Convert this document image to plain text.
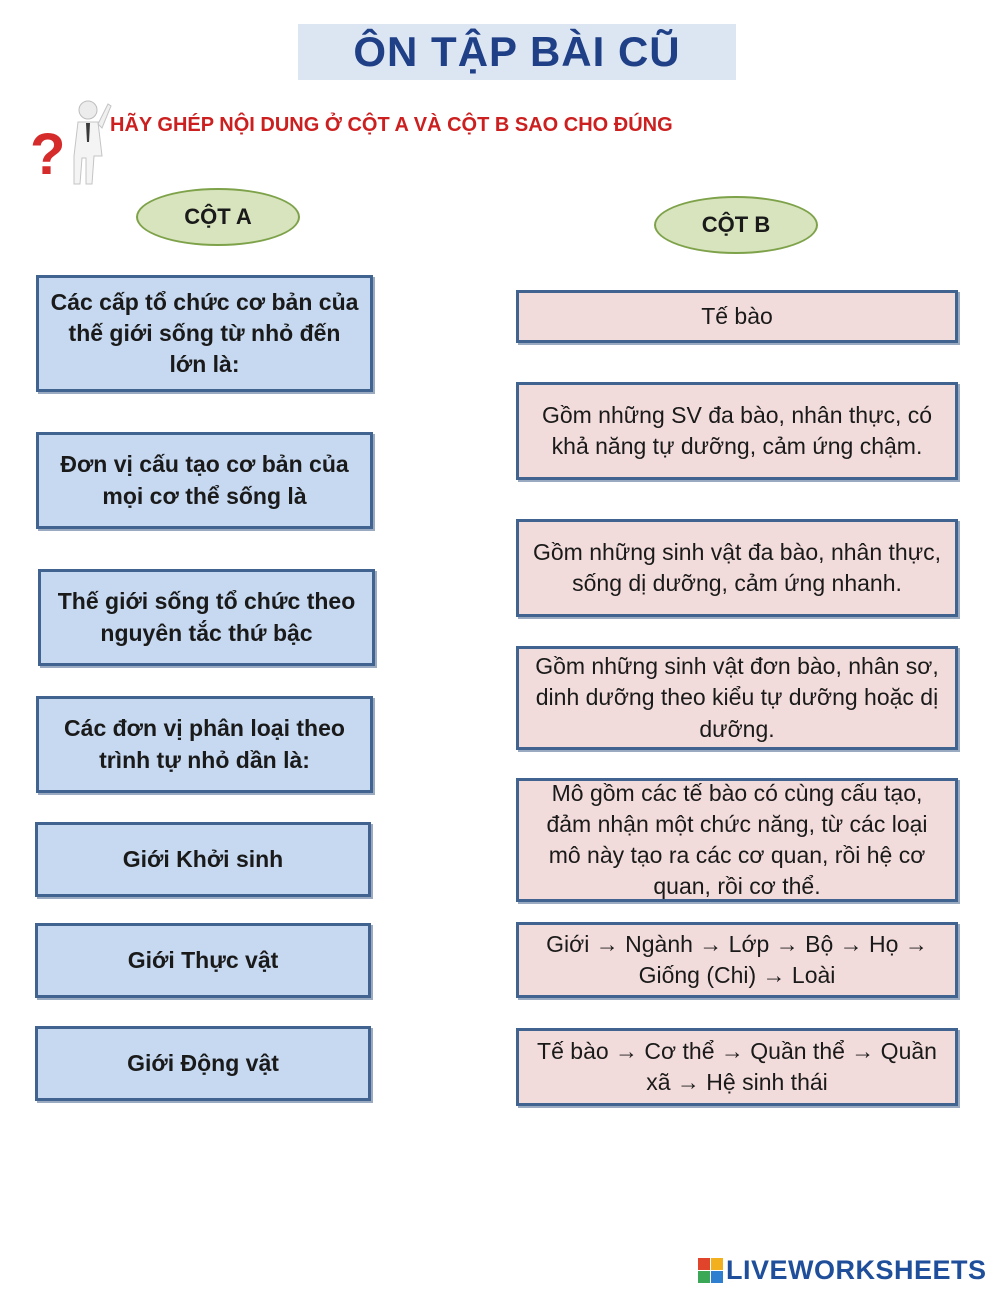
ÔN TẬP BÀI CŨ
? HÃY GHÉP NỘI DUNG Ở CỘT A VÀ CỘT B SAO CHO ĐÚNG
CỘT A	CỘT B
Các cấp tổ chức cơ bản của thế giới sống từ nhỏ đến lớn là:
Đơn vị cấu tạo cơ bản của mọi cơ thể sống là
Thế giới sống tổ chức theo nguyên tắc thứ bậc
Các đơn vị phân loại theo trình tự nhỏ dần là:
Giới Khởi sinh
Giới Thực vật
Giới Động vật
Tế bào
Gồm những SV đa bào, nhân thực, có khả năng tự dưỡng, cảm ứng chậm.
Gồm những sinh vật đa bào, nhân thực, sống dị dưỡng, cảm ứng nhanh.
Gồm những sinh vật đơn bào, nhân sơ, dinh dưỡng theo kiểu tự dưỡng hoặc dị dưỡng.
Mô gồm các tế bào có cùng cấu tạo, đảm nhận một chức năng, từ các loại mô này tạo ra các cơ quan, rồi hệ cơ quan, rồi cơ thể.
Giới → Ngành → Lớp → Bộ → Họ → Giống (Chi) → Loài
Tế bào → Cơ thể → Quần thể → Quần xã → Hệ sinh thái
LIVEWORKSHEETS
